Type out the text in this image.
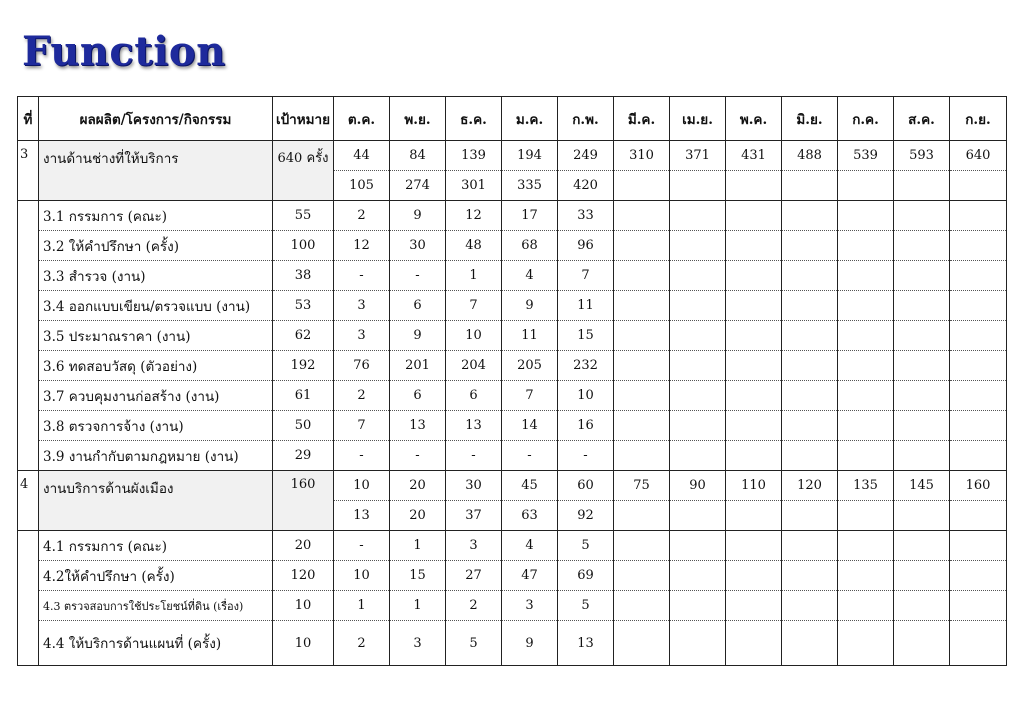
Function
ที่	ผลผลิต/โครงการ/กิจกรรม	เป้าหมาย	ต.ค.	พ.ย.	ธ.ค.	ม.ค.	ก.พ.	มี.ค.	เม.ย.	พ.ค.	มิ.ย.	ก.ค.	ส.ค.	ก.ย.
3	งานด้านช่างที่ให้บริการ	640 ครั้ง	44	84	139	194	249	310	371	431	488	539	593	640
			105	274	301	335	420							
	3.1 กรรมการ (คณะ)	55	2	9	12	17	33							
	3.2 ให้คำปรึกษา (ครั้ง)	100	12	30	48	68	96							
	3.3 สำรวจ (งาน)	38	-	-	1	4	7							
	3.4 ออกแบบเขียน/ตรวจแบบ (งาน)	53	3	6	7	9	11							
	3.5 ประมาณราคา (งาน)	62	3	9	10	11	15							
	3.6 ทดสอบวัสดุ (ตัวอย่าง)	192	76	201	204	205	232							
	3.7 ควบคุมงานก่อสร้าง (งาน)	61	2	6	6	7	10							
	3.8 ตรวจการจ้าง (งาน)	50	7	13	13	14	16							
	3.9 งานกำกับตามกฎหมาย (งาน)	29	-	-	-	-	-							
4	งานบริการด้านผังเมือง	160	10	20	30	45	60	75	90	110	120	135	145	160
			13	20	37	63	92							
	4.1 กรรมการ (คณะ)	20	-	1	3	4	5							
	4.2ให้คำปรึกษา (ครั้ง)	120	10	15	27	47	69							
	4.3 ตรวจสอบการใช้ประโยชน์ที่ดิน (เรื่อง)	10	1	1	2	3	5							
	4.4 ให้บริการด้านแผนที่ (ครั้ง)	10	2	3	5	9	13							
